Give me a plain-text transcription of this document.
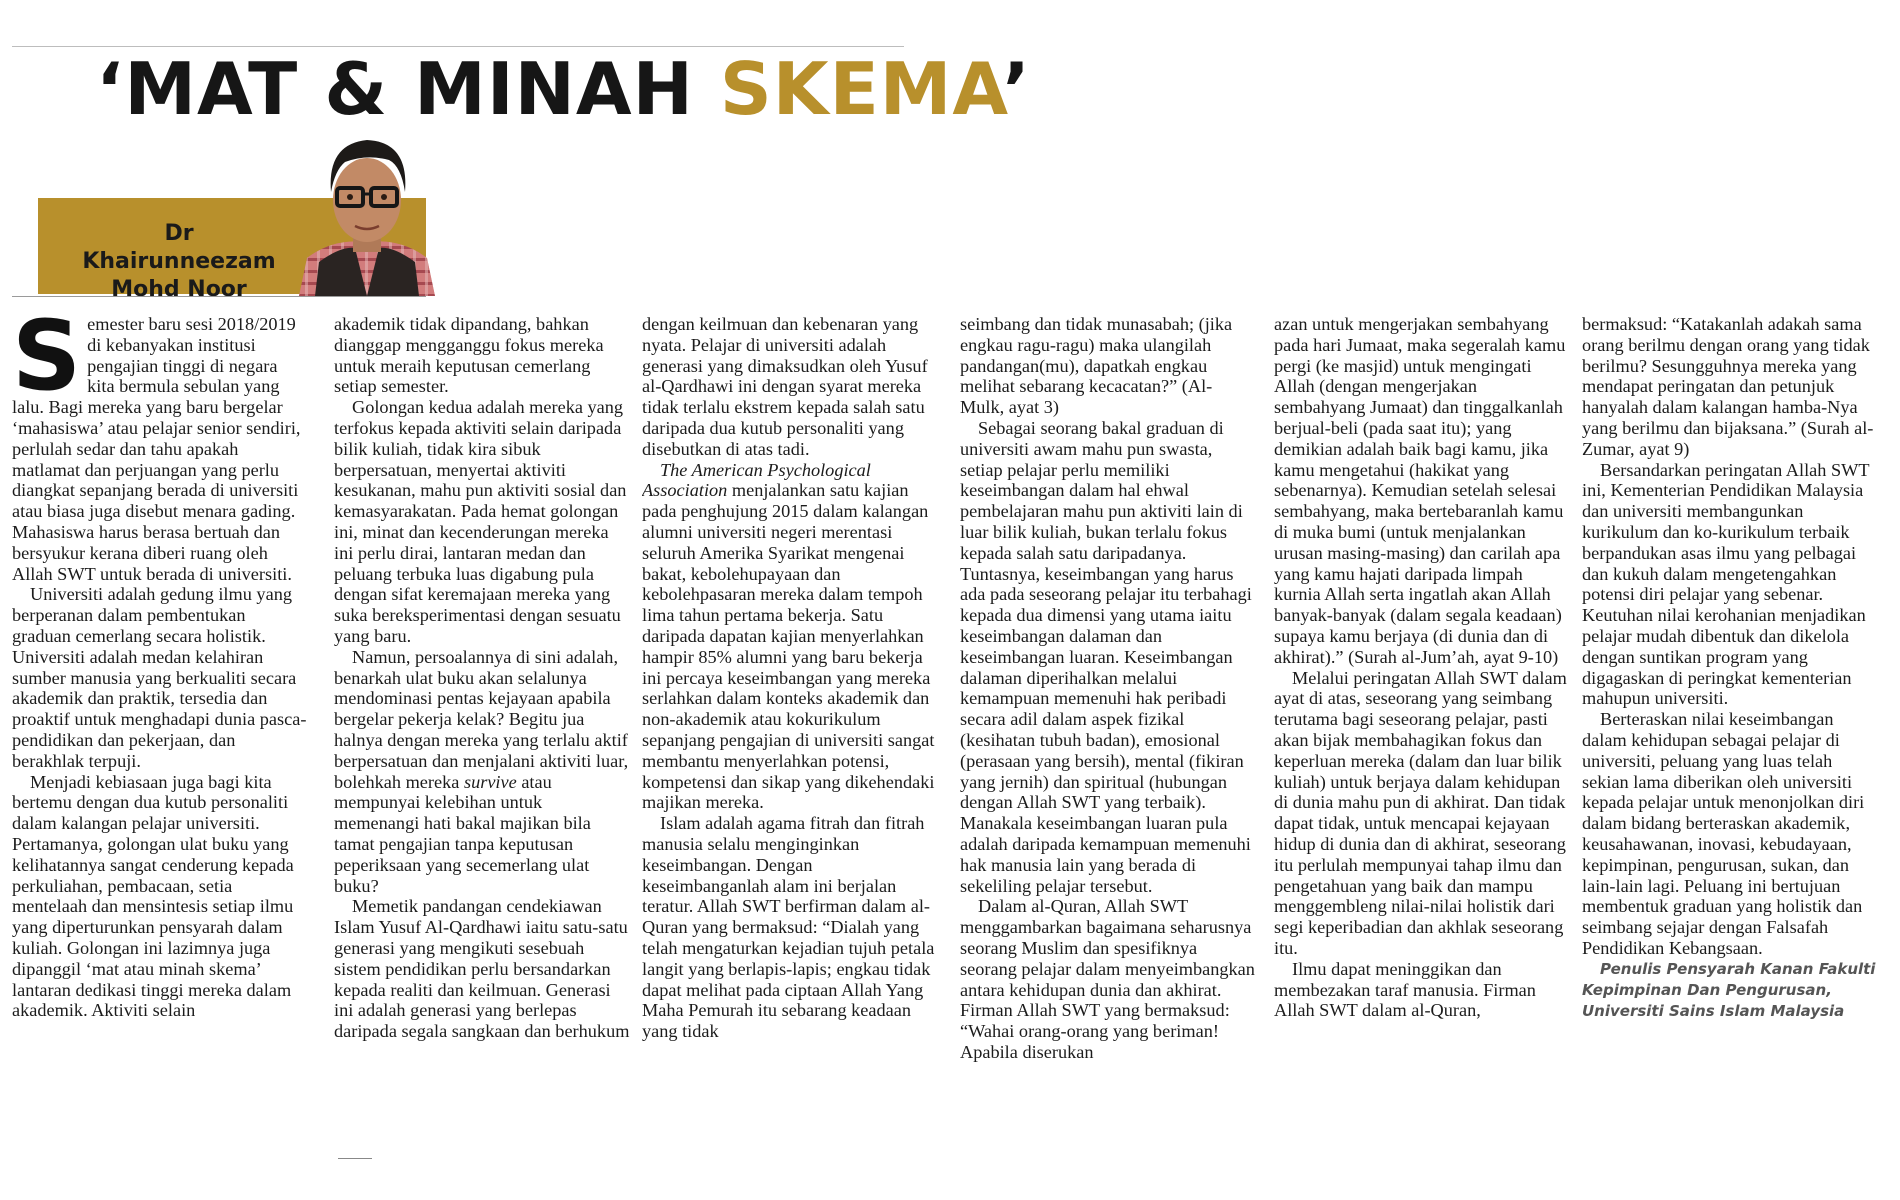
‘MAT & MINAH SKEMA’
Dr Khairunneezam
Mohd Noor

Semester baru sesi 2018/2019 di kebanyakan institusi pengajian tinggi di negara kita bermula sebulan yang lalu. Bagi mereka yang baru bergelar ‘mahasiswa’ atau pelajar senior sendiri, perlulah sedar dan tahu apakah matlamat dan perjuangan yang perlu diangkat sepanjang berada di universiti atau biasa juga disebut menara gading. Mahasiswa harus berasa bertuah dan bersyukur kerana diberi ruang oleh Allah SWT untuk berada di universiti.

Universiti adalah gedung ilmu yang berperanan dalam pembentukan graduan cemerlang secara holistik. Universiti adalah medan kelahiran sumber manusia yang berkualiti secara akademik dan praktik, tersedia dan proaktif untuk menghadapi dunia pasca-pendidikan dan pekerjaan, dan berakhlak terpuji.

Menjadi kebiasaan juga bagi kita bertemu dengan dua kutub personaliti dalam kalangan pelajar universiti. Pertamanya, golongan ulat buku yang kelihatannya sangat cenderung kepada perkuliahan, pembacaan, setia mentelaah dan mensintesis setiap ilmu yang diperturunkan pensyarah dalam kuliah. Golongan ini lazimnya juga dipanggil ‘mat atau minah skema’ lantaran dedikasi tinggi mereka dalam akademik. Aktiviti selain

akademik tidak dipandang, bahkan dianggap mengganggu fokus mereka untuk meraih keputusan cemerlang setiap semester.

Golongan kedua adalah mereka yang terfokus kepada aktiviti selain daripada bilik kuliah, tidak kira sibuk berpersatuan, menyertai aktiviti kesukanan, mahu pun aktiviti sosial dan kemasyarakatan. Pada hemat golongan ini, minat dan kecenderungan mereka ini perlu dirai, lantaran medan dan peluang terbuka luas digabung pula dengan sifat keremajaan mereka yang suka bereksperimentasi dengan sesuatu yang baru.

Namun, persoalannya di sini adalah, benarkah ulat buku akan selalunya mendominasi pentas kejayaan apabila bergelar pekerja kelak? Begitu jua halnya dengan mereka yang terlalu aktif berpersatuan dan menjalani aktiviti luar, bolehkah mereka survive atau mempunyai kelebihan untuk memenangi hati bakal majikan bila tamat pengajian tanpa keputusan peperiksaan yang secemerlang ulat buku?

Memetik pandangan cendekiawan Islam Yusuf Al-Qardhawi iaitu satu-satu generasi yang mengikuti sesebuah sistem pendidikan perlu bersandarkan kepada realiti dan keilmuan. Generasi ini adalah generasi yang berlepas daripada segala sangkaan dan berhukum

dengan keilmuan dan kebenaran yang nyata. Pelajar di universiti adalah generasi yang dimaksudkan oleh Yusuf al-Qardhawi ini dengan syarat mereka tidak terlalu ekstrem kepada salah satu daripada dua kutub personaliti yang disebutkan di atas tadi.

The American Psychological Association menjalankan satu kajian pada penghujung 2015 dalam kalangan alumni universiti negeri merentasi seluruh Amerika Syarikat mengenai bakat, kebolehupayaan dan kebolehpasaran mereka dalam tempoh lima tahun pertama bekerja. Satu daripada dapatan kajian menyerlahkan hampir 85% alumni yang baru bekerja ini percaya keseimbangan yang mereka serlahkan dalam konteks akademik dan non-akademik atau kokurikulum sepanjang pengajian di universiti sangat membantu menyerlahkan potensi, kompetensi dan sikap yang dikehendaki majikan mereka.

Islam adalah agama fitrah dan fitrah manusia selalu menginginkan keseimbangan. Dengan keseimbanganlah alam ini berjalan teratur. Allah SWT berfirman dalam al-Quran yang bermaksud: “Dialah yang telah mengaturkan kejadian tujuh petala langit yang berlapis-lapis; engkau tidak dapat melihat pada ciptaan Allah Yang Maha Pemurah itu sebarang keadaan yang tidak

seimbang dan tidak munasabah; (jika engkau ragu-ragu) maka ulangilah pandangan(mu), dapatkah engkau melihat sebarang kecacatan?” (Al-Mulk, ayat 3)

Sebagai seorang bakal graduan di universiti awam mahu pun swasta, setiap pelajar perlu memiliki keseimbangan dalam hal ehwal pembelajaran mahu pun aktiviti lain di luar bilik kuliah, bukan terlalu fokus kepada salah satu daripadanya. Tuntasnya, keseimbangan yang harus ada pada seseorang pelajar itu terbahagi kepada dua dimensi yang utama iaitu keseimbangan dalaman dan keseimbangan luaran. Keseimbangan dalaman diperihalkan melalui kemampuan memenuhi hak peribadi secara adil dalam aspek fizikal (kesihatan tubuh badan), emosional (perasaan yang bersih), mental (fikiran yang jernih) dan spiritual (hubungan dengan Allah SWT yang terbaik). Manakala keseimbangan luaran pula adalah daripada kemampuan memenuhi hak manusia lain yang berada di sekeliling pelajar tersebut.

Dalam al-Quran, Allah SWT menggambarkan bagaimana seharusnya seorang Muslim dan spesifiknya seorang pelajar dalam menyeimbangkan antara kehidupan dunia dan akhirat. Firman Allah SWT yang bermaksud: “Wahai orang-orang yang beriman! Apabila diserukan

azan untuk mengerjakan sembahyang pada hari Jumaat, maka segeralah kamu pergi (ke masjid) untuk mengingati Allah (dengan mengerjakan sembahyang Jumaat) dan tinggalkanlah berjual-beli (pada saat itu); yang demikian adalah baik bagi kamu, jika kamu mengetahui (hakikat yang sebenarnya). Kemudian setelah selesai sembahyang, maka bertebaranlah kamu di muka bumi (untuk menjalankan urusan masing-masing) dan carilah apa yang kamu hajati daripada limpah kurnia Allah serta ingatlah akan Allah banyak-banyak (dalam segala keadaan) supaya kamu berjaya (di dunia dan di akhirat).” (Surah al-Jum’ah, ayat 9-10)

Melalui peringatan Allah SWT dalam ayat di atas, seseorang yang seimbang terutama bagi seseorang pelajar, pasti akan bijak membahagikan fokus dan keperluan mereka (dalam dan luar bilik kuliah) untuk berjaya dalam kehidupan di dunia mahu pun di akhirat. Dan tidak dapat tidak, untuk mencapai kejayaan hidup di dunia dan di akhirat, seseorang itu perlulah mempunyai tahap ilmu dan pengetahuan yang baik dan mampu menggembleng nilai-nilai holistik dari segi keperibadian dan akhlak seseorang itu.

Ilmu dapat meninggikan dan membezakan taraf manusia. Firman Allah SWT dalam al-Quran,

bermaksud: “Katakanlah adakah sama orang berilmu dengan orang yang tidak berilmu? Sesungguhnya mereka yang mendapat peringatan dan petunjuk hanyalah dalam kalangan hamba-Nya yang berilmu dan bijaksana.” (Surah al-Zumar, ayat 9)

Bersandarkan peringatan Allah SWT ini, Kementerian Pendidikan Malaysia dan universiti membangunkan kurikulum dan ko-kurikulum terbaik berpandukan asas ilmu yang pelbagai dan kukuh dalam mengetengahkan potensi diri pelajar yang sebenar. Keutuhan nilai kerohanian menjadikan pelajar mudah dibentuk dan dikelola dengan suntikan program yang digagaskan di peringkat kementerian mahupun universiti.

Berteraskan nilai keseimbangan dalam kehidupan sebagai pelajar di universiti, peluang yang luas telah sekian lama diberikan oleh universiti kepada pelajar untuk menonjolkan diri dalam bidang berteraskan akademik, keusahawanan, inovasi, kebudayaan, kepimpinan, pengurusan, sukan, dan lain-lain lagi. Peluang ini bertujuan membentuk graduan yang holistik dan seimbang sejajar dengan Falsafah Pendidikan Kebangsaan.

Penulis Pensyarah Kanan Fakulti Kepimpinan Dan Pengurusan, Universiti Sains Islam Malaysia
